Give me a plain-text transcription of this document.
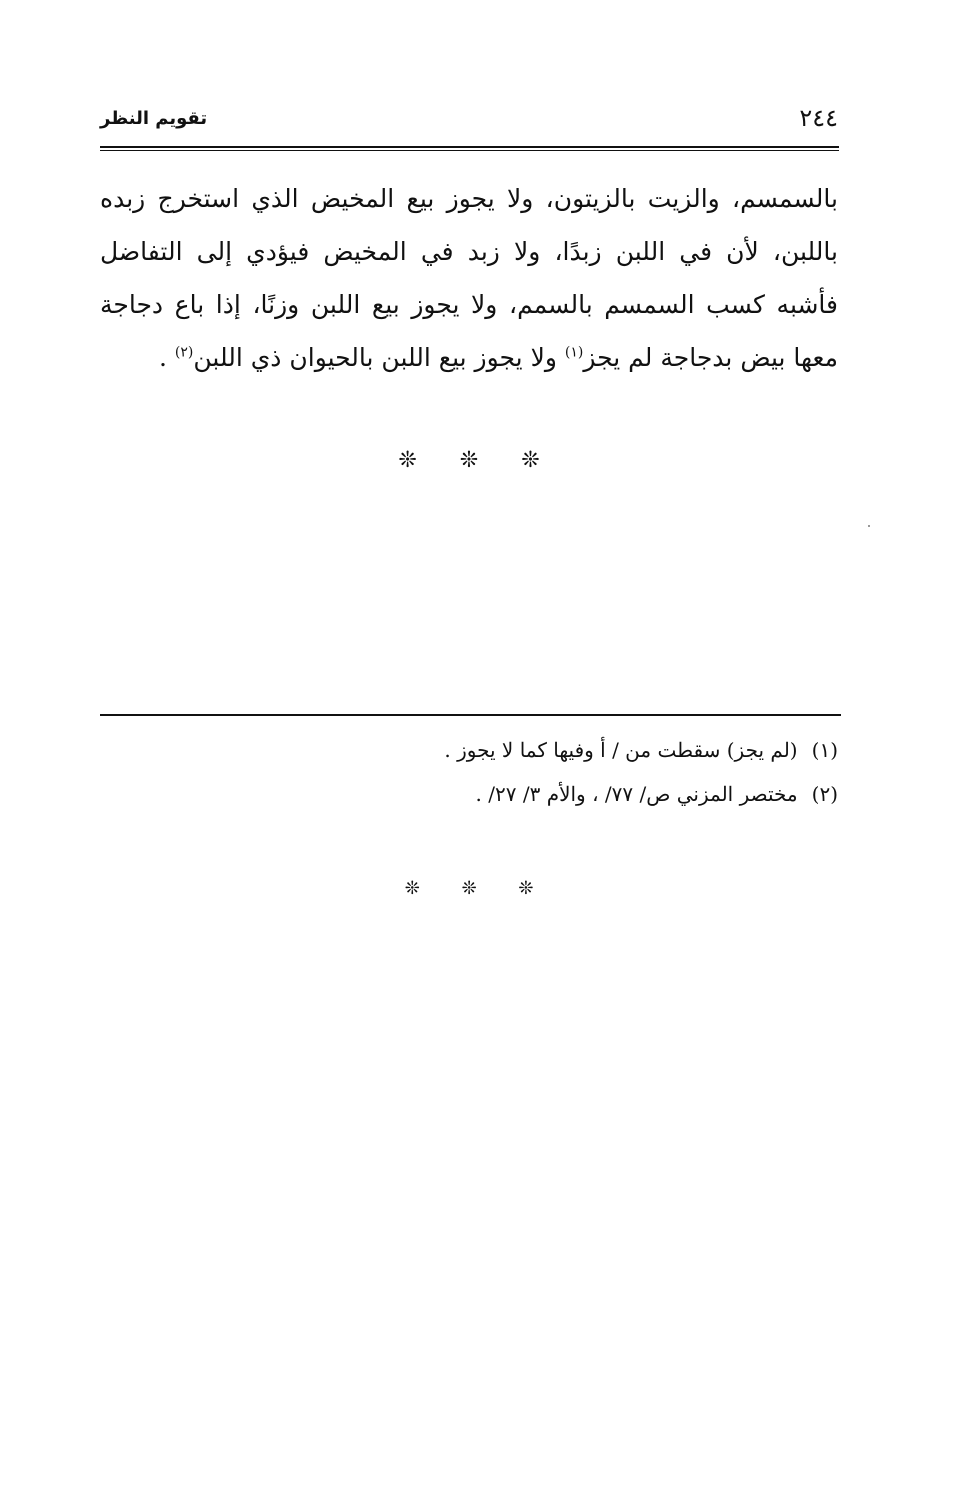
٢٤٤
تقويم النظر

بالسمسم، والزيت بالزيتون، ولا يجوز بيع المخيض الذي استخرج زبده باللبن، لأن في اللبن زبدًا، ولا زبد في المخيض فيؤدي إلى التفاضل فأشبه كسب السمسم بالسمم، ولا يجوز بيع اللبن وزنًا، إذا باع دجاجة معها بيض بدجاجة لم يجز$^{(١)}$ ولا يجوز بيع اللبن بالحيوان ذي اللبن$^{(٢)}$ .

❊ ❊ ❊
(١)(لم يجز) سقطت من / أ وفيها كما لا يجوز .
(٢)مختصر المزني ص/ ٧٧/ ، والأم ٣/ ٢٧/ .
❊ ❊ ❊
